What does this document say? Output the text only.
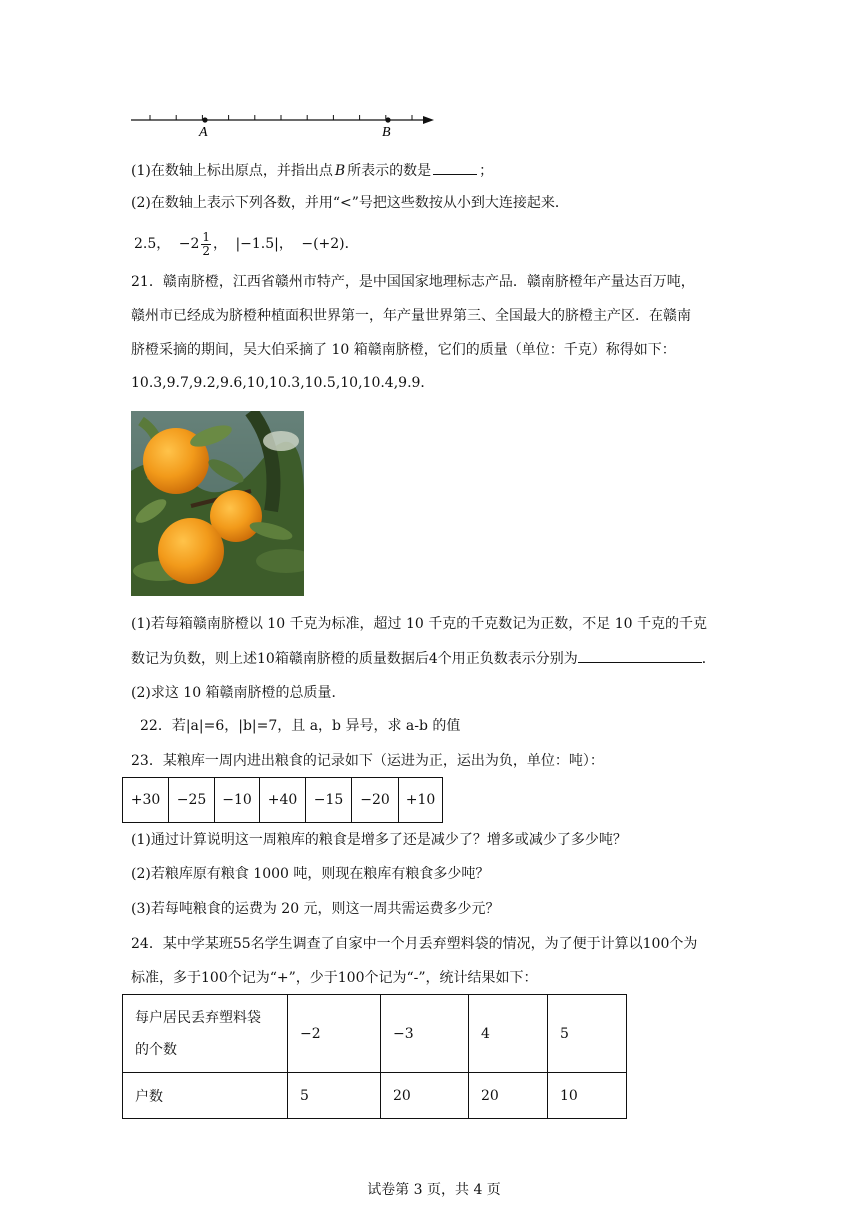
A	B
(1)在数轴上标出原点，并指出点 B 所表示的数是	；
(2)在数轴上表示下列各数，并用“<”号把这些数按从小到大连接起来．
2.5， $-2 \frac{1}{2}$ ， |−1.5|， −(+2)．
21．赣南脐橙，江西省赣州市特产，是中国国家地理标志产品．赣南脐橙年产量达百万吨，
赣州市已经成为脐橙种植面积世界第一，年产量世界第三、全国最大的脐橙主产区．在赣南
脐橙采摘的期间，吴大伯采摘了 10 箱赣南脐橙，它们的质量（单位：千克）称得如下：
10.3,9.7,9.2,9.6,10,10.3,10.5,10,10.4,9.9．
(1)若每箱赣南脐橙以 10 千克为标准，超过 10 千克的千克数记为正数，不足 10 千克的千克
数记为负数，则上述10箱赣南脐橙的质量数据后4个用正负数表示分别为	．
(2)求这 10 箱赣南脐橙的总质量．
22．若|a|=6，|b|=7，且 a，b 异号，求 a-b 的值
23．某粮库一周内进出粮食的记录如下（运进为正，运出为负，单位：吨）：
+30	−25	−10	+40	−15	−20	+10
(1)通过计算说明这一周粮库的粮食是增多了还是减少了？增多或减少了多少吨？
(2)若粮库原有粮食 1000 吨，则现在粮库有粮食多少吨？
(3)若每吨粮食的运费为 20 元，则这一周共需运费多少元？
24．某中学某班55名学生调查了自家中一个月丢弃塑料袋的情况，为了便于计算以100个为
标准，多于100个记为“+”，少于100个记为“-”，统计结果如下：
每户居民丢弃塑料袋
的个数	−2	−3	4	5
户数	5	20	20	10
试卷第 3 页，共 4 页
